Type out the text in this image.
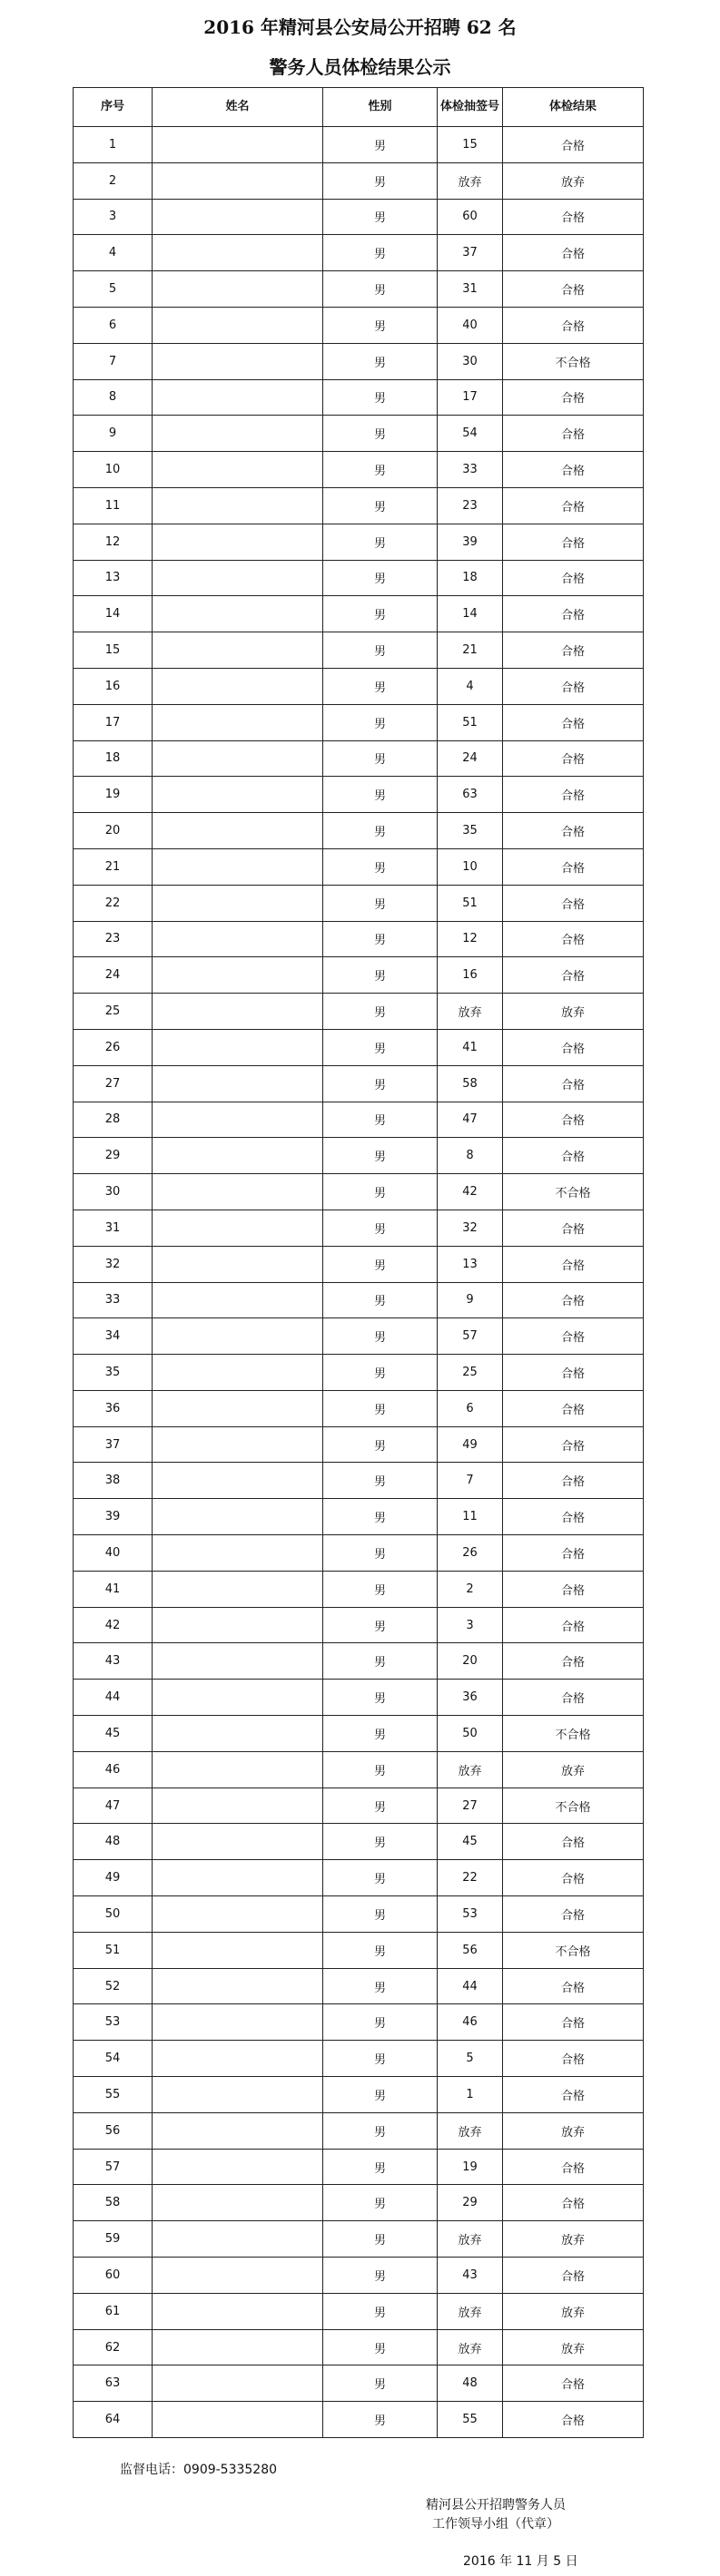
2016 年精河县公安局公开招聘 62 名
警务人员体检结果公示
序号	姓名	性别	体检抽签号	体检结果
1		男	15	合格
2		男	放弃	放弃
3		男	60	合格
4		男	37	合格
5		男	31	合格
6		男	40	合格
7		男	30	不合格
8		男	17	合格
9		男	54	合格
10		男	33	合格
11		男	23	合格
12		男	39	合格
13		男	18	合格
14		男	14	合格
15		男	21	合格
16		男	4	合格
17		男	51	合格
18		男	24	合格
19		男	63	合格
20		男	35	合格
21		男	10	合格
22		男	51	合格
23		男	12	合格
24		男	16	合格
25		男	放弃	放弃
26		男	41	合格
27		男	58	合格
28		男	47	合格
29		男	8	合格
30		男	42	不合格
31		男	32	合格
32		男	13	合格
33		男	9	合格
34		男	57	合格
35		男	25	合格
36		男	6	合格
37		男	49	合格
38		男	7	合格
39		男	11	合格
40		男	26	合格
41		男	2	合格
42		男	3	合格
43		男	20	合格
44		男	36	合格
45		男	50	不合格
46		男	放弃	放弃
47		男	27	不合格
48		男	45	合格
49		男	22	合格
50		男	53	合格
51		男	56	不合格
52		男	44	合格
53		男	46	合格
54		男	5	合格
55		男	1	合格
56		男	放弃	放弃
57		男	19	合格
58		男	29	合格
59		男	放弃	放弃
60		男	43	合格
61		男	放弃	放弃
62		男	放弃	放弃
63		男	48	合格
64		男	55	合格
监督电话：0909-5335280
精河县公开招聘警务人员
工作领导小组（代章）
2016 年 11 月 5 日
